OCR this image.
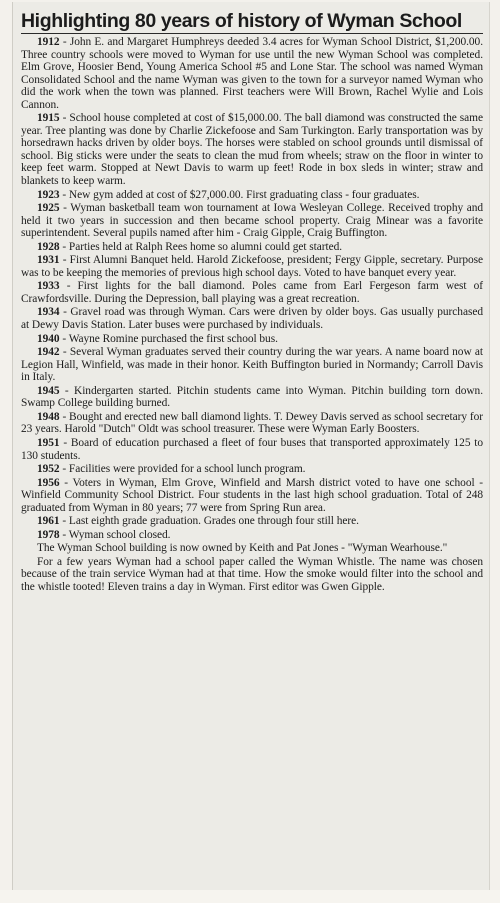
Highlighting 80 years of history of Wyman School

1912 - John E. and Margaret Humphreys deeded 3.4 acres for Wyman School District, $1,200.00. Three country schools were moved to Wyman for use until the new Wyman School was completed. Elm Grove, Hoosier Bend, Young America School #5 and Lone Star. The school was named Wyman Consolidated School and the name Wyman was given to the town for a surveyor named Wyman who did the work when the town was planned. First teachers were Will Brown, Rachel Wylie and Lois Cannon.

1915 - School house completed at cost of $15,000.00. The ball diamond was constructed the same year. Tree planting was done by Charlie Zickefoose and Sam Turkington. Early transportation was by horsedrawn hacks driven by older boys. The horses were stabled on school grounds until dismissal of school. Big sticks were under the seats to clean the mud from wheels; straw on the floor in winter to keep feet warm. Stopped at Newt Davis to warm up feet! Rode in box sleds in winter; straw and blankets to keep warm.

1923 - New gym added at cost of $27,000.00. First graduating class - four graduates.

1925 - Wyman basketball team won tournament at Iowa Wesleyan College. Received trophy and held it two years in succession and then became school property. Craig Minear was a favorite superintendent. Several pupils named after him - Craig Gipple, Craig Buffington.

1928 - Parties held at Ralph Rees home so alumni could get started.

1931 - First Alumni Banquet held. Harold Zickefoose, president; Fergy Gipple, secretary. Purpose was to be keeping the memories of previous high school days. Voted to have banquet every year.

1933 - First lights for the ball diamond. Poles came from Earl Fergeson farm west of Crawfordsville. During the Depression, ball playing was a great recreation.

1934 - Gravel road was through Wyman. Cars were driven by older boys. Gas usually purchased at Dewy Davis Station. Later buses were purchased by individuals.

1940 - Wayne Romine purchased the first school bus.

1942 - Several Wyman graduates served their country during the war years. A name board now at Legion Hall, Winfield, was made in their honor. Keith Buffington buried in Normandy; Carroll Davis in Italy.

1945 - Kindergarten started. Pitchin students came into Wyman. Pitchin building torn down. Swamp College building burned.

1948 - Bought and erected new ball diamond lights. T. Dewey Davis served as school secretary for 23 years. Harold "Dutch" Oldt was school treasurer. These were Wyman Early Boosters.

1951 - Board of education purchased a fleet of four buses that transported approximately 125 to 130 students.

1952 - Facilities were provided for a school lunch program.

1956 - Voters in Wyman, Elm Grove, Winfield and Marsh district voted to have one school - Winfield Community School District. Four students in the last high school graduation. Total of 248 graduated from Wyman in 80 years; 77 were from Spring Run area.

1961 - Last eighth grade graduation. Grades one through four still here.

1978 - Wyman school closed.

The Wyman School building is now owned by Keith and Pat Jones - "Wyman Wearhouse."

For a few years Wyman had a school paper called the Wyman Whistle. The name was chosen because of the train service Wyman had at that time. How the smoke would filter into the school and the whistle tooted! Eleven trains a day in Wyman. First editor was Gwen Gipple.
